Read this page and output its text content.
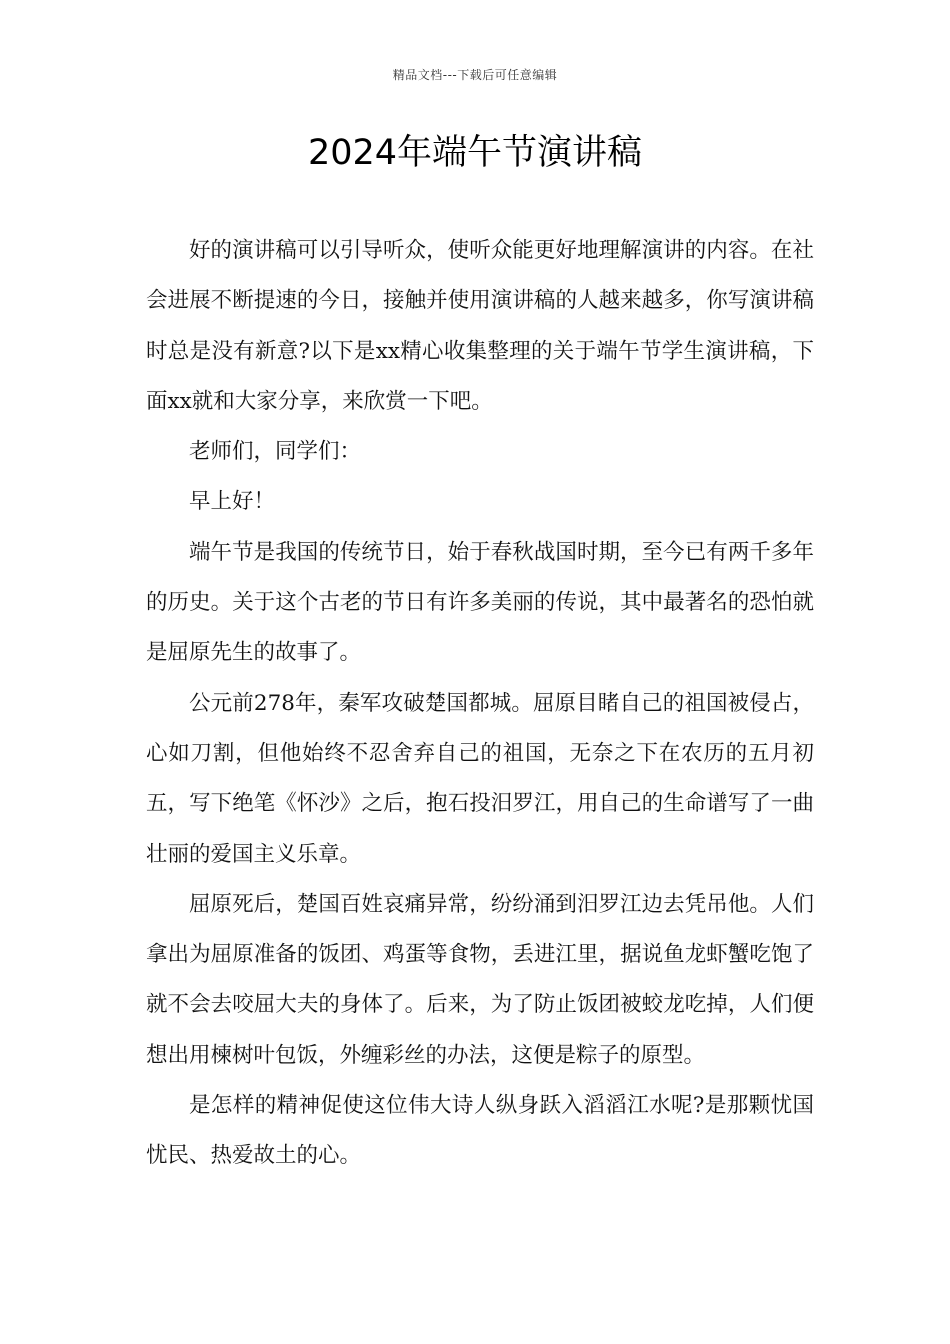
精品文档---下载后可任意编辑
2024年端午节演讲稿

好的演讲稿可以引导听众，使听众能更好地理解演讲的内容。在社会进展不断提速的今日，接触并使用演讲稿的人越来越多，你写演讲稿时总是没有新意?以下是xx精心收集整理的关于端午节学生演讲稿，下面xx就和大家分享，来欣赏一下吧。

老师们，同学们：

早上好！

端午节是我国的传统节日，始于春秋战国时期，至今已有两千多年的历史。关于这个古老的节日有许多美丽的传说，其中最著名的恐怕就是屈原先生的故事了。

公元前278年，秦军攻破楚国都城。屈原目睹自己的祖国被侵占，心如刀割，但他始终不忍舍弃自己的祖国，无奈之下在农历的五月初五，写下绝笔《怀沙》之后，抱石投汨罗江，用自己的生命谱写了一曲壮丽的爱国主义乐章。

屈原死后，楚国百姓哀痛异常，纷纷涌到汨罗江边去凭吊他。人们拿出为屈原准备的饭团、鸡蛋等食物，丢进江里，据说鱼龙虾蟹吃饱了就不会去咬屈大夫的身体了。后来，为了防止饭团被蛟龙吃掉，人们便想出用楝树叶包饭，外缠彩丝的办法，这便是粽子的原型。

是怎样的精神促使这位伟大诗人纵身跃入滔滔江水呢?是那颗忧国忧民、热爱故土的心。
